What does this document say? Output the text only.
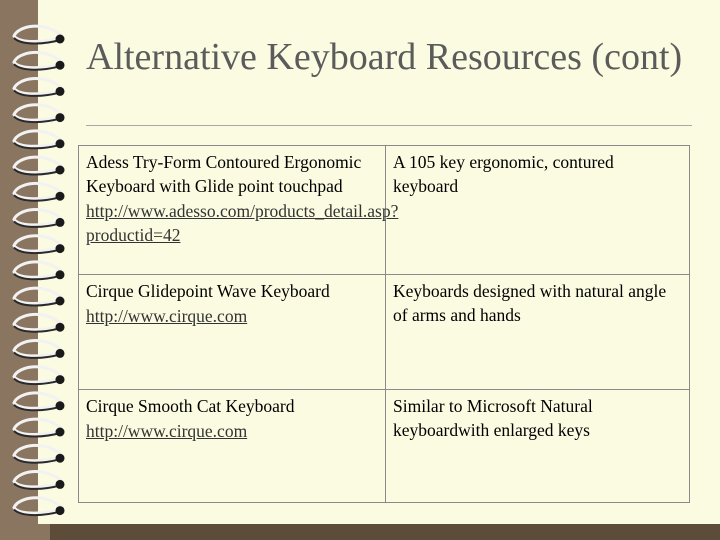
Alternative Keyboard Resources (cont)
Adess Try-Form Contoured Ergonomic Keyboard with Glide point touchpad
http://www.adesso.com/products_detail.asp?productid=42	A 105 key ergonomic, contured keyboard
Cirque Glidepoint Wave Keyboard
http://www.cirque.com	Keyboards designed with natural angle of arms and hands
Cirque Smooth Cat Keyboard
http://www.cirque.com	Similar to Microsoft Natural keyboardwith enlarged keys
